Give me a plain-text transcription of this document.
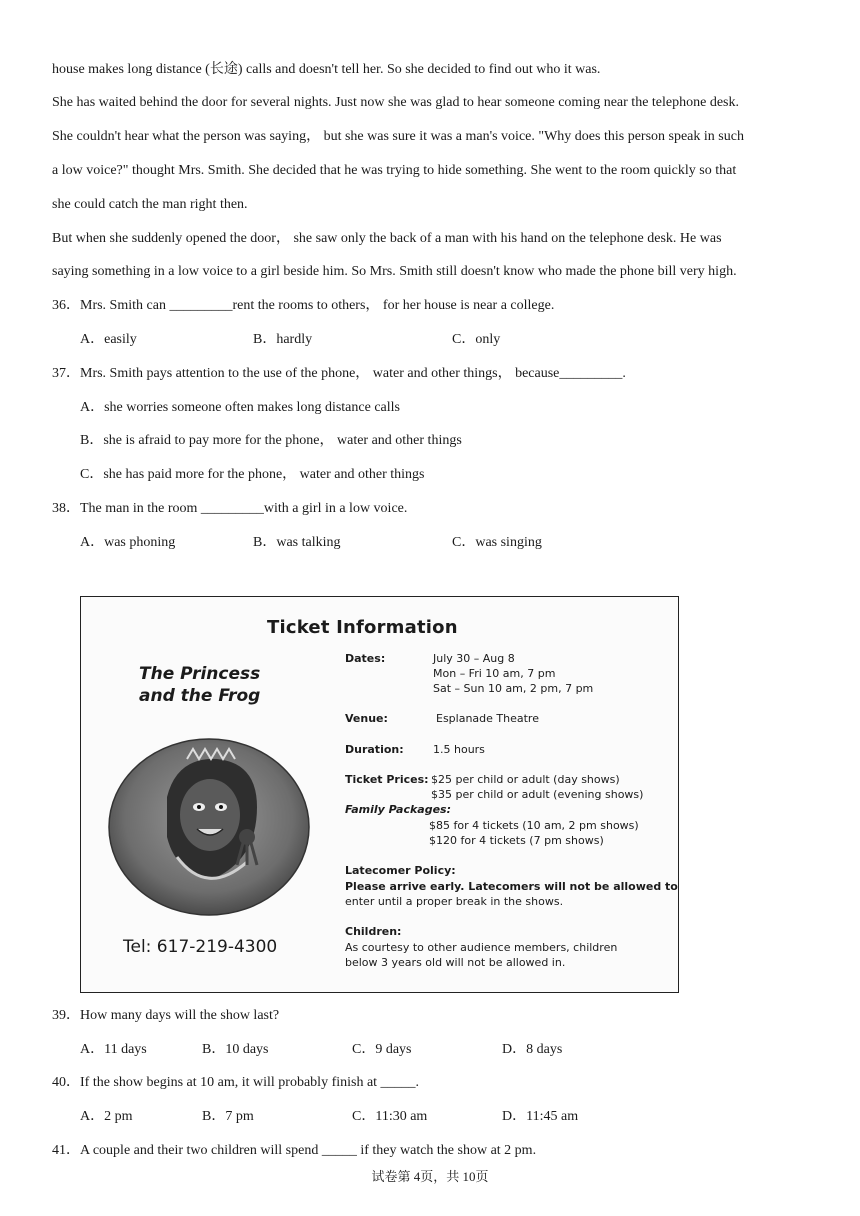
house makes long distance (长途) calls and doesn't tell her. So she decided to find out who it was.
She has waited behind the door for several nights. Just now she was glad to hear someone coming near the telephone desk.
She couldn't hear what the person was saying， but she was sure it was a man's voice. "Why does this person speak in such
a low voice?" thought Mrs. Smith. She decided that he was trying to hide something. She went to the room quickly so that
she could catch the man right then.
But when she suddenly opened the door， she saw only the back of a man with his hand on the telephone desk. He was
saying something in a low voice to a girl beside him. So Mrs. Smith still doesn't know who made the phone bill very high.
36．Mrs. Smith can _________rent the rooms to others， for her house is near a college.
A．easily	B．hardly	C．only
37．Mrs. Smith pays attention to the use of the phone， water and other things， because_________.
A．she worries someone often makes long distance calls
B．she is afraid to pay more for the phone， water and other things
C．she has paid more for the phone， water and other things
38．The man in the room _________with a girl in a low voice.
A．was phoning	B．was talking	C．was singing
Ticket Information
The Princess
and the Frog
Tel: 617-219-4300
Dates:	July 30 – Aug 8
Mon – Fri 10 am, 7 pm
Sat – Sun 10 am, 2 pm, 7 pm
Venue:	Esplanade Theatre
Duration:	1.5 hours
Ticket Prices: $25 per child or adult (day shows)
$35 per child or adult (evening shows)
Family Packages:
$85 for 4 tickets (10 am, 2 pm shows)
$120 for 4 tickets (7 pm shows)
Latecomer Policy:
Please arrive early. Latecomers will not be allowed to
enter until a proper break in the shows.
Children:
As courtesy to other audience members, children
below 3 years old will not be allowed in.
39．How many days will the show last?
A．11 days	B．10 days	C．9 days	D．8 days
40．If the show begins at 10 am, it will probably finish at _____.
A．2 pm	B．7 pm	C．11:30 am	D．11:45 am
41．A couple and their two children will spend _____ if they watch the show at 2 pm.
试卷第 4页，共 10页
